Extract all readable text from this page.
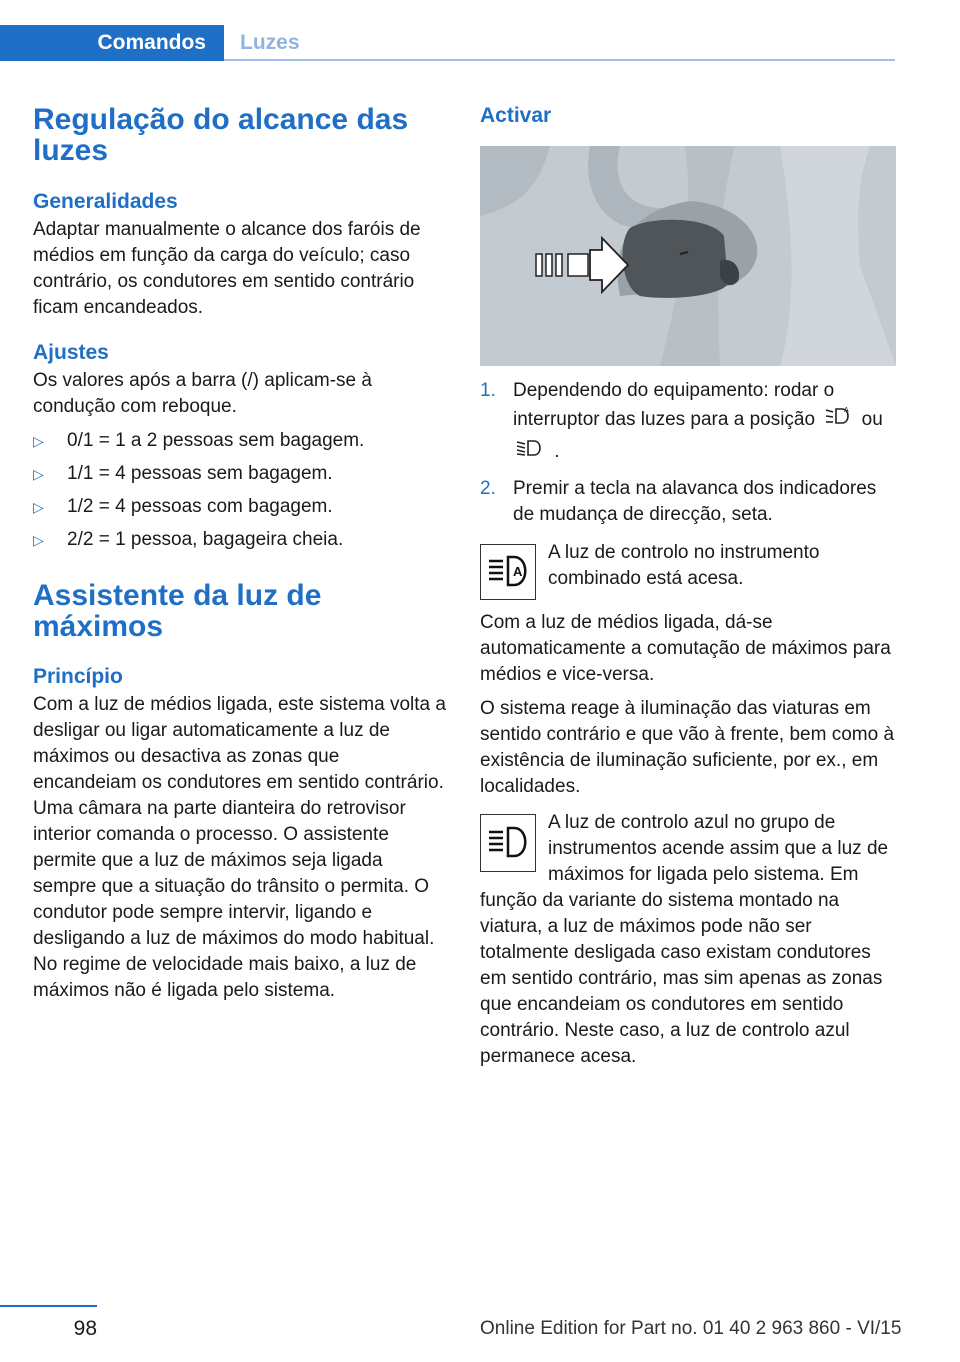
Comandos	Luzes
Regulação do alcance das luzes
Generalidades
Adaptar manualmente o alcance dos faróis de médios em função da carga do veículo; caso contrário, os condutores em sentido contrário ficam encandeados.
Ajustes
Os valores após a barra (/) aplicam-se à condução com reboque.
▷ 0/1 = 1 a 2 pessoas sem bagagem.
▷ 1/1 = 4 pessoas sem bagagem.
▷ 1/2 = 4 pessoas com bagagem.
▷ 2/2 = 1 pessoa, bagageira cheia.
Assistente da luz de máximos
Princípio
Com a luz de médios ligada, este sistema volta a desligar ou ligar automaticamente a luz de máximos ou desactiva as zonas que encandeiam os condutores em sentido contrário. Uma câmara na parte dianteira do retrovisor interior comanda o processo. O assistente permite que a luz de máximos seja ligada sempre que a situação do trânsito o permita. O condutor pode sempre intervir, ligando e desligando a luz de máximos do modo habitual. No regime de velocidade mais baixo, a luz de máximos não é ligada pelo sistema.
Activar
1. Dependendo do equipamento: rodar o interruptor das luzes para a posição	A ou
.
2. Premir a tecla na alavanca dos indicadores de mudança de direcção, seta.
A
A luz de controlo no instrumento combinado está acesa.
Com a luz de médios ligada, dá-se automaticamente a comutação de máximos para médios e vice-versa.
O sistema reage à iluminação das viaturas em sentido contrário e que vão à frente, bem como à existência de iluminação suficiente, por ex., em localidades.
A luz de controlo azul no grupo de instrumentos acende assim que a luz de máximos for ligada pelo sistema. Em função da variante do sistema montado na viatura, a luz de máximos pode não ser totalmente desligada caso existam condutores em sentido contrário, mas sim apenas as zonas que encandeiam os condutores em sentido contrário. Neste caso, a luz de controlo azul permanece acesa.
98	Online Edition for Part no. 01 40 2 963 860 - VI/15
